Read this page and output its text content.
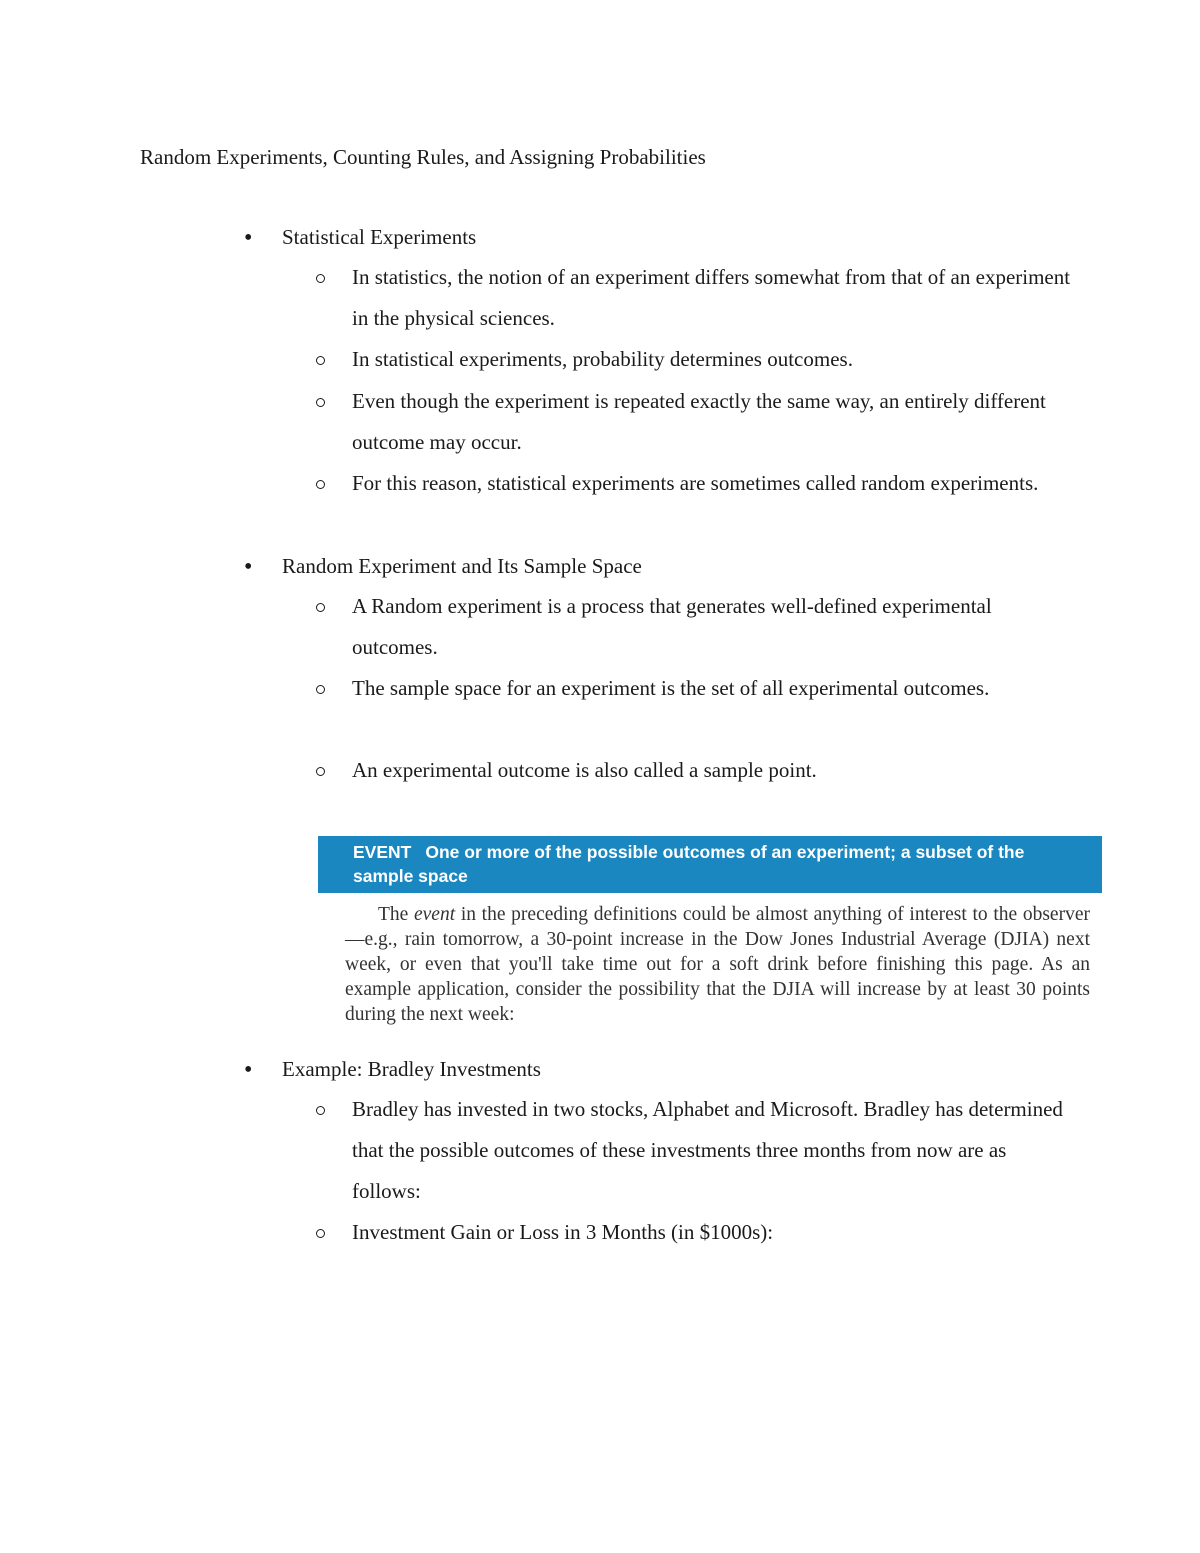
Random Experiments, Counting Rules, and Assigning Probabilities
• Statistical Experiments
In statistics, the notion of an experiment differs somewhat from that of an experiment in the physical sciences.
In statistical experiments, probability determines outcomes.
Even though the experiment is repeated exactly the same way, an entirely different outcome may occur.
For this reason, statistical experiments are sometimes called random experiments.
• Random Experiment and Its Sample Space
A Random experiment is a process that generates well-defined experimental outcomes.
The sample space for an experiment is the set of all experimental outcomes.
An experimental outcome is also called a sample point.
EVENT One or more of the possible outcomes of an experiment; a subset of the sample space
The event in the preceding definitions could be almost anything of interest to the observer—e.g., rain tomorrow, a 30-point increase in the Dow Jones Industrial Average (DJIA) next week, or even that you'll take time out for a soft drink before finishing this page. As an example application, consider the possibility that the DJIA will increase by at least 30 points during the next week:
• Example: Bradley Investments
Bradley has invested in two stocks, Alphabet and Microsoft. Bradley has determined that the possible outcomes of these investments three months from now are as follows:
Investment Gain or Loss in 3 Months (in $1000s):
